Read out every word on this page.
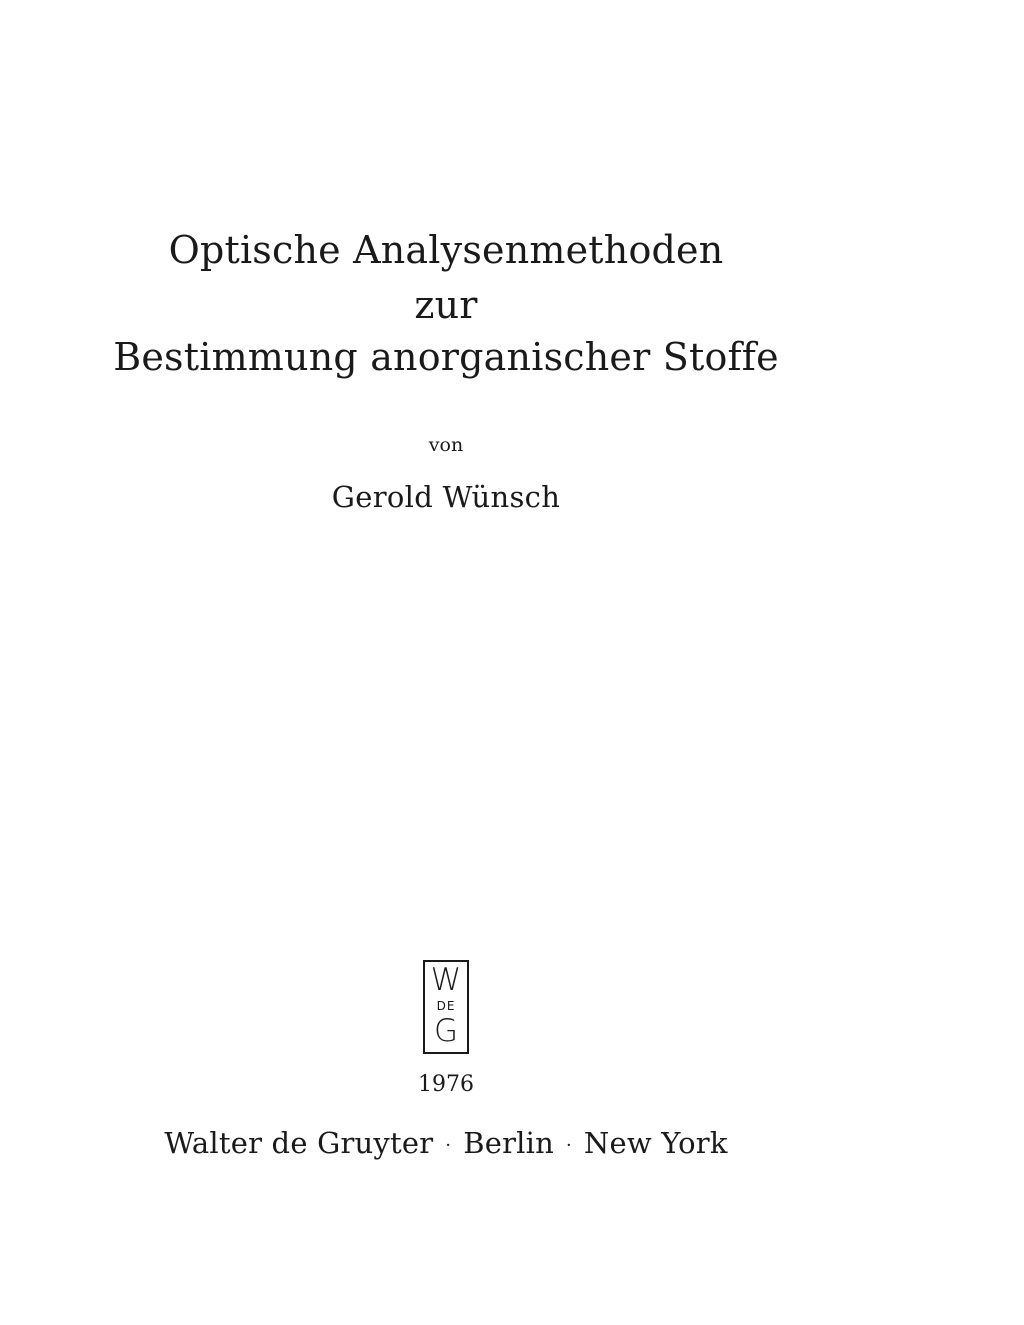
Optische Analysenmethoden
zur
Bestimmung anorganischer Stoffe
von
Gerold Wünsch
W
DE
G
1976
Walter de Gruyter · Berlin · New York
